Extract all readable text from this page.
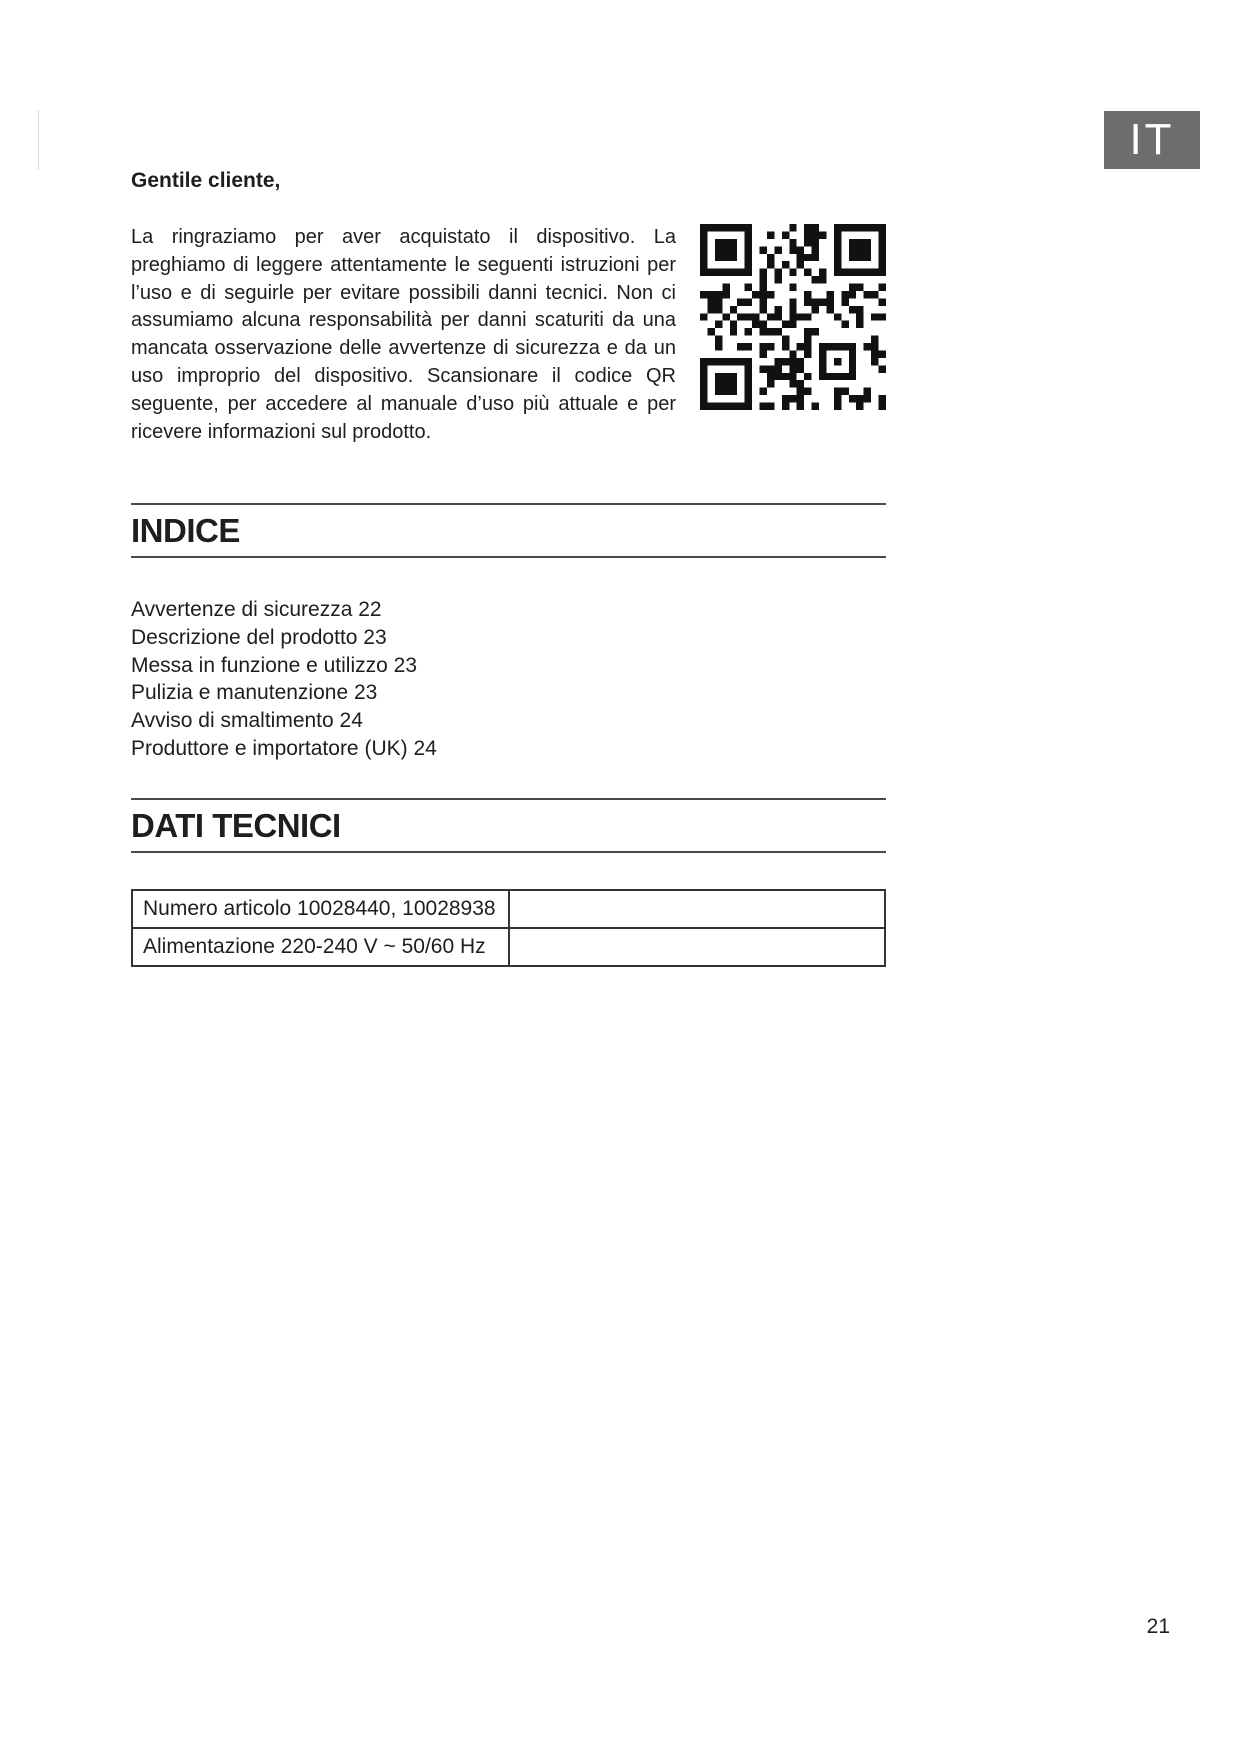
IT

Gentile cliente,

La ringraziamo per aver acquistato il dispositivo. La preghiamo di leggere attentamente le seguenti istruzioni per l’uso e di seguirle per evitare possibili danni tecnici. Non ci assumiamo alcuna responsabilità per danni scaturiti da una mancata osservazione delle avvertenze di sicurezza e da un uso improprio del dispositivo. Scansionare il codice QR seguente, per accedere al manuale d’uso più attuale e per ricevere informazioni sul prodotto.

INDICE
Avvertenze di sicurezza 22
Descrizione del prodotto 23
Messa in funzione e utilizzo 23
Pulizia e manutenzione 23
Avviso di smaltimento 24
Produttore e importatore (UK) 24
DATI TECNICI
Numero articolo 10028440, 10028938	
Alimentazione 220-240 V ~ 50/60 Hz	
21
